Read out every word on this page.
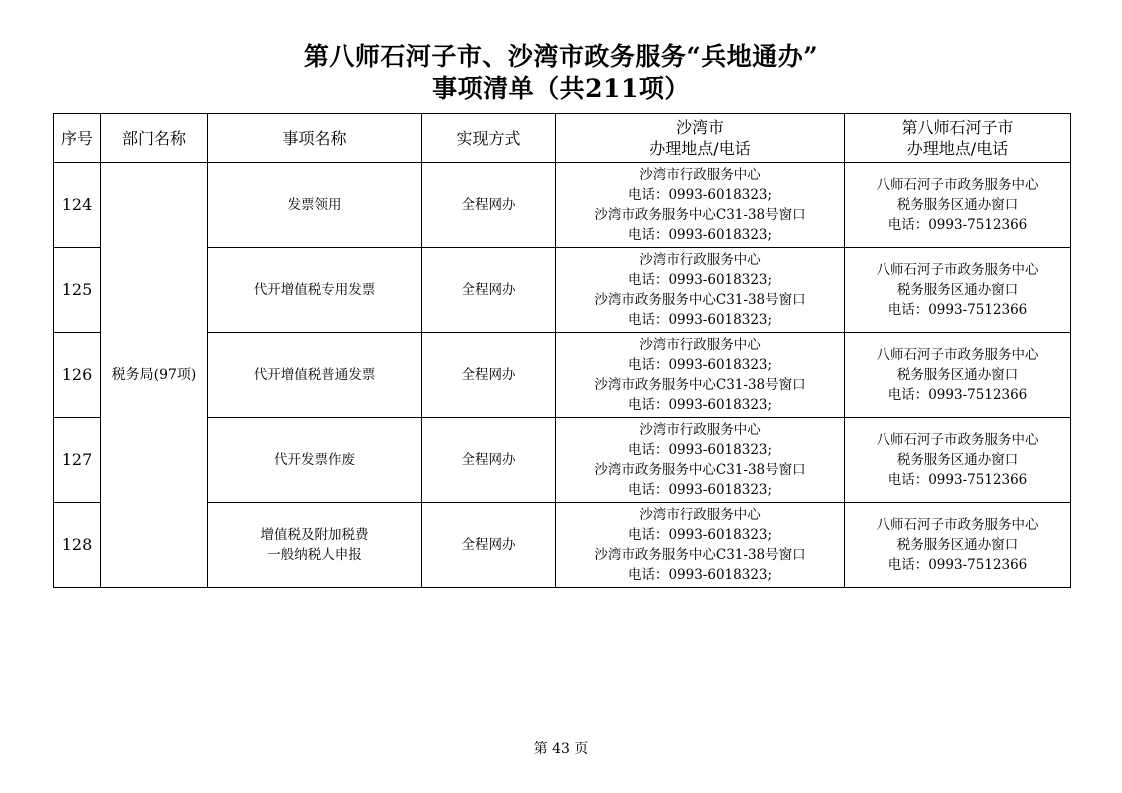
第八师石河子市、沙湾市政务服务“兵地通办”
事项清单（共211项）
序号	部门名称	事项名称	实现方式	沙湾市
办理地点/电话	第八师石河子市
办理地点/电话

124	税务局(97项)	发票领用	全程网办	沙湾市行政服务中心
电话：0993-6018323;
沙湾市政务服务中心C31-38号窗口
电话：0993-6018323;	八师石河子市政务服务中心
税务服务区通办窗口
电话：0993-7512366

125		代开增值税专用发票	全程网办	沙湾市行政服务中心
电话：0993-6018323;
沙湾市政务服务中心C31-38号窗口
电话：0993-6018323;	八师石河子市政务服务中心
税务服务区通办窗口
电话：0993-7512366

126		代开增值税普通发票	全程网办	沙湾市行政服务中心
电话：0993-6018323;
沙湾市政务服务中心C31-38号窗口
电话：0993-6018323;	八师石河子市政务服务中心
税务服务区通办窗口
电话：0993-7512366

127		代开发票作废	全程网办	沙湾市行政服务中心
电话：0993-6018323;
沙湾市政务服务中心C31-38号窗口
电话：0993-6018323;	八师石河子市政务服务中心
税务服务区通办窗口
电话：0993-7512366

128		增值税及附加税费
一般纳税人申报	全程网办	沙湾市行政服务中心
电话：0993-6018323;
沙湾市政务服务中心C31-38号窗口
电话：0993-6018323;	八师石河子市政务服务中心
税务服务区通办窗口
电话：0993-7512366
第 43 页
